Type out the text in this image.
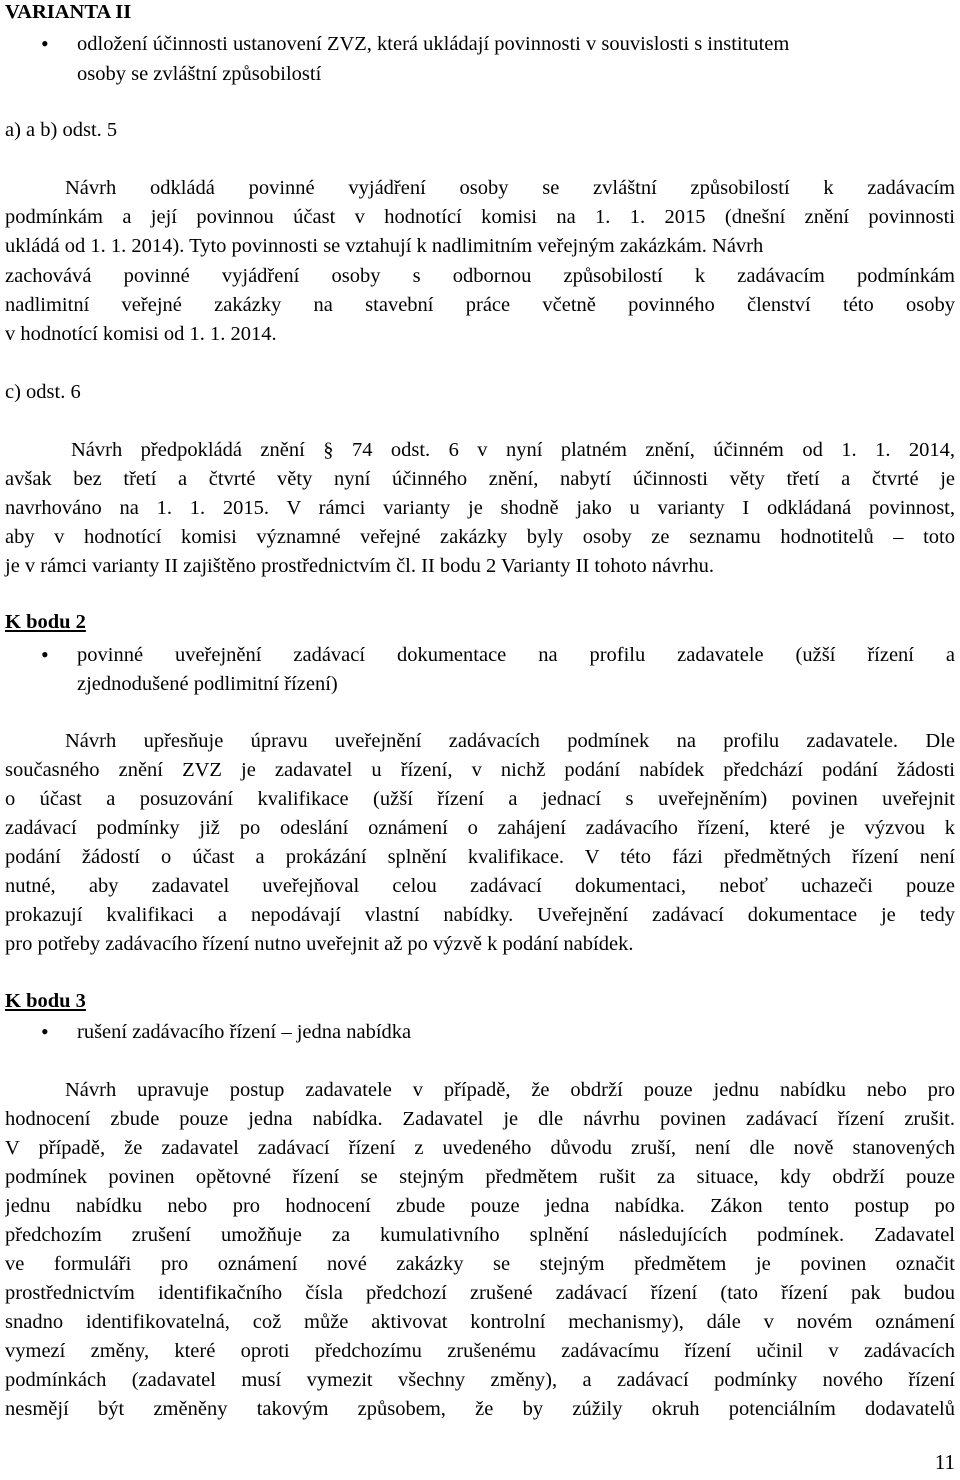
VARIANTA II
• odložení účinnosti ustanovení ZVZ, která ukládají povinnosti v souvislosti s institutem
osoby se zvláštní způsobilostí
a) a b) odst. 5
Návrh odkládá povinné vyjádření osoby se zvláštní způsobilostí k zadávacím
podmínkám a její povinnou účast v hodnotící komisi na 1. 1. 2015 (dnešní znění povinnosti
ukládá od 1. 1. 2014). Tyto povinnosti se vztahují k nadlimitním veřejným zakázkám. Návrh
zachovává povinné vyjádření osoby s odbornou způsobilostí k zadávacím podmínkám
nadlimitní veřejné zakázky na stavební práce včetně povinného členství této osoby
v hodnotící komisi od 1. 1. 2014.
c) odst. 6
Návrh předpokládá znění § 74 odst. 6 v nyní platném znění, účinném od 1. 1. 2014,
avšak bez třetí a čtvrté věty nyní účinného znění, nabytí účinnosti věty třetí a čtvrté je
navrhováno na 1. 1. 2015. V rámci varianty je shodně jako u varianty I odkládaná povinnost,
aby v hodnotící komisi významné veřejné zakázky byly osoby ze seznamu hodnotitelů – toto
je v rámci varianty II zajištěno prostřednictvím čl. II bodu 2 Varianty II tohoto návrhu.
K bodu 2
• povinné uveřejnění zadávací dokumentace na profilu zadavatele (užší řízení a
zjednodušené podlimitní řízení)
Návrh upřesňuje úpravu uveřejnění zadávacích podmínek na profilu zadavatele. Dle
současného znění ZVZ je zadavatel u řízení, v nichž podání nabídek předchází podání žádosti
o účast a posuzování kvalifikace (užší řízení a jednací s uveřejněním) povinen uveřejnit
zadávací podmínky již po odeslání oznámení o zahájení zadávacího řízení, které je výzvou k
podání žádostí o účast a prokázání splnění kvalifikace. V této fázi předmětných řízení není
nutné, aby zadavatel uveřejňoval celou zadávací dokumentaci, neboť uchazeči pouze
prokazují kvalifikaci a nepodávají vlastní nabídky. Uveřejnění zadávací dokumentace je tedy
pro potřeby zadávacího řízení nutno uveřejnit až po výzvě k podání nabídek.
K bodu 3
• rušení zadávacího řízení – jedna nabídka
Návrh upravuje postup zadavatele v případě, že obdrží pouze jednu nabídku nebo pro
hodnocení zbude pouze jedna nabídka. Zadavatel je dle návrhu povinen zadávací řízení zrušit.
V případě, že zadavatel zadávací řízení z uvedeného důvodu zruší, není dle nově stanovených
podmínek povinen opětovné řízení se stejným předmětem rušit za situace, kdy obdrží pouze
jednu nabídku nebo pro hodnocení zbude pouze jedna nabídka. Zákon tento postup po
předchozím zrušení umožňuje za kumulativního splnění následujících podmínek. Zadavatel
ve formuláři pro oznámení nové zakázky se stejným předmětem je povinen označit
prostřednictvím identifikačního čísla předchozí zrušené zadávací řízení (tato řízení pak budou
snadno identifikovatelná, což může aktivovat kontrolní mechanismy), dále v novém oznámení
vymezí změny, které oproti předchozímu zrušenému zadávacímu řízení učinil v zadávacích
podmínkách (zadavatel musí vymezit všechny změny), a zadávací podmínky nového řízení
nesmějí být změněny takovým způsobem, že by zúžily okruh potenciálním dodavatelů
11
